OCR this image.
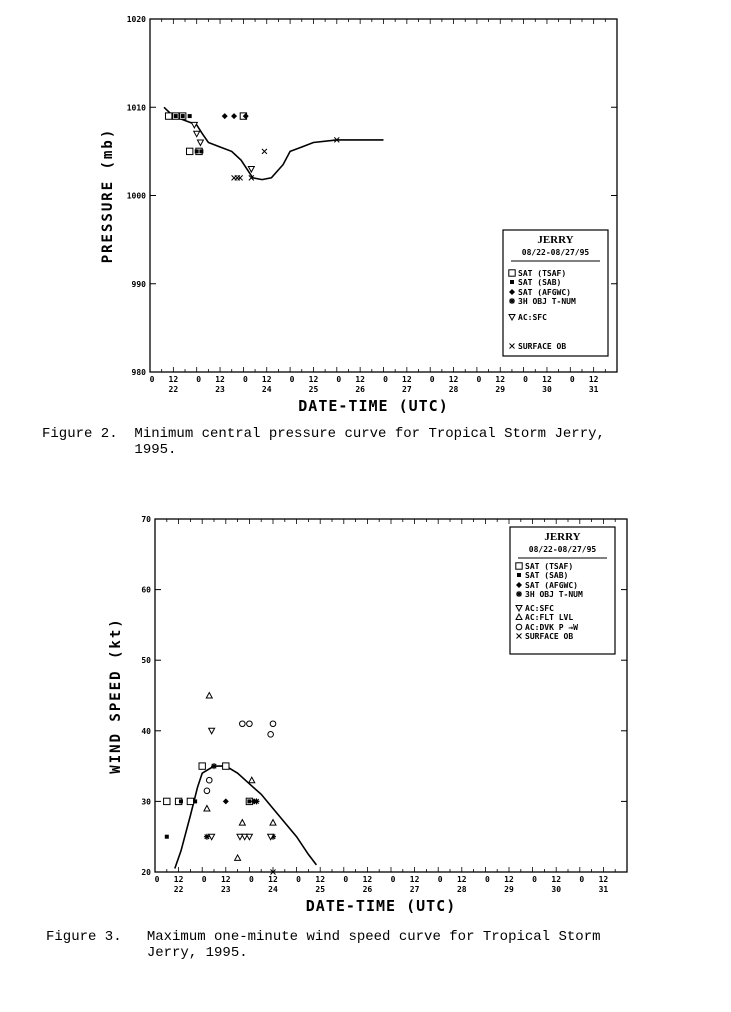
980
990
1000
1010
1020
0 12
22
0 12
23
0 12
24
0 12
25
0 12
26
0 12
27
0 12
28
0 12
29
0 12
30
0 12
31
PRESSURE (mb)
DATE-TIME (UTC)
JERRY
08/22-08/27/95
SAT (TSAF)
SAT (SAB)
SAT (AFGWC)
3H OBJ T-NUM
AC:SFC
SURFACE OB
20
30
40
50
60
70
0 12
22
0 12
23
0 12
24
0 12
25
0 12
26
0 12
27
0 12
28
0 12
29
0 12
30
0 12
31
WIND SPEED (kt)
DATE-TIME (UTC)
JERRY
08/22-08/27/95
SAT (TSAF)
SAT (SAB)
SAT (AFGWC)
3H OBJ T-NUM
AC:SFC
AC:FLT LVL
AC:DVK P →W
SURFACE OB
Figure 2.  Minimum central pressure curve for Tropical Storm Jerry,
1995.
Figure 3.   Maximum one-minute wind speed curve for Tropical Storm
Jerry, 1995.
